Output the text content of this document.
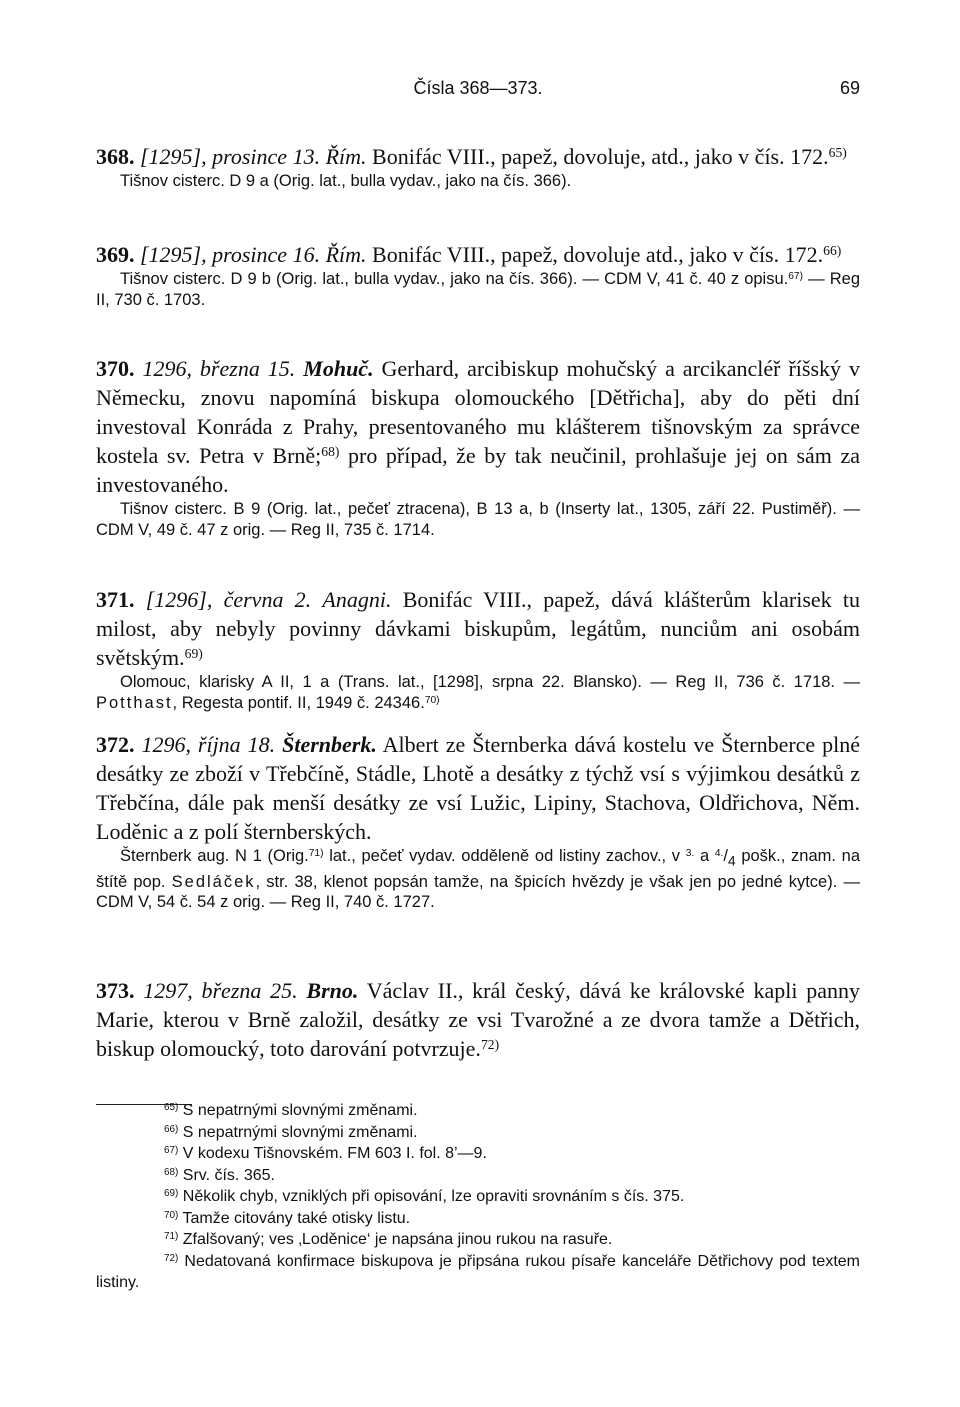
Čísla 368—373.	69

368. [1295], prosince 13. Řím. Bonifác VIII., papež, dovoluje, atd., jako v čís. 172.$^{65)}$

Tišnov cisterc. D 9 a (Orig. lat., bulla vydav., jako na čís. 366).

369. [1295], prosince 16. Řím. Bonifác VIII., papež, dovoluje atd., jako v čís. 172.$^{66)}$

Tišnov cisterc. D 9 b (Orig. lat., bulla vydav., jako na čís. 366). — CDM V, 41 č. 40 z opisu.$^{67)}$ — Reg II, 730 č. 1703.

370. 1296, března 15. Mohuč. Gerhard, arcibiskup mohučský a arcikancléř říšský v Německu, znovu napomíná biskupa olomouckého [Dětřicha], aby do pěti dní investoval Konráda z Prahy, presentovaného mu klášterem tišnovským za správce kostela sv. Petra v Brně;$^{68)}$ pro případ, že by tak neučinil, prohlašuje jej on sám za investovaného.

Tišnov cisterc. B 9 (Orig. lat., pečeť ztracena), B 13 a, b (Inserty lat., 1305, září 22. Pustiměř). — CDM V, 49 č. 47 z orig. — Reg II, 735 č. 1714.

371. [1296], června 2. Anagni. Bonifác VIII., papež, dává klášterům klarisek tu milost, aby nebyly povinny dávkami biskupům, legátům, nunciům ani osobám světským.$^{69)}$

Olomouc, klarisky A II, 1 a (Trans. lat., [1298], srpna 22. Blansko). — Reg II, 736 č. 1718. — Potthast, Regesta pontif. II, 1949 č. 24346.$^{70)}$

372. 1296, října 18. Šternberk. Albert ze Šternberka dává kostelu ve Šternberce plné desátky ze zboží v Třebčíně, Stádle, Lhotě a desátky z týchž vsí s výjimkou desátků z Třebčína, dále pak menší desátky ze vsí Lužic, Lipiny, Stachova, Oldřichova, Něm. Loděnic a z polí šternberských.

Šternberk aug. N 1 (Orig.$^{71)}$ lat., pečeť vydav. odděleně od listiny zachov., v $^{3.}$ a $^{4.}/_4$ pošk., znam. na štítě pop. Sedláček, str. 38, klenot popsán tamže, na špicích hvězdy je však jen po jedné kytce). — CDM V, 54 č. 54 z orig. — Reg II, 740 č. 1727.

373. 1297, března 25. Brno. Václav II., král český, dává ke královské kapli panny Marie, kterou v Brně založil, desátky ze vsi Tvarožné a ze dvora tamže a Dětřich, biskup olomoucký, toto darování potvrzuje.$^{72)}$

$^{65)}$ S nepatrnými slovnými změnami.

$^{66)}$ S nepatrnými slovnými změnami.

$^{67)}$ V kodexu Tišnovském. FM 603 I. fol. 8’—9.

$^{68)}$ Srv. čís. 365.

$^{69)}$ Několik chyb, vzniklých při opisování, lze opraviti srovnáním s čís. 375.

$^{70)}$ Tamže citovány také otisky listu.

$^{71)}$ Zfalšovaný; ves ‚Loděnice‘ je napsána jinou rukou na rasuře.

$^{72)}$ Nedatovaná konfirmace biskupova je připsána rukou písaře kanceláře Dětřichovy pod textem listiny.
